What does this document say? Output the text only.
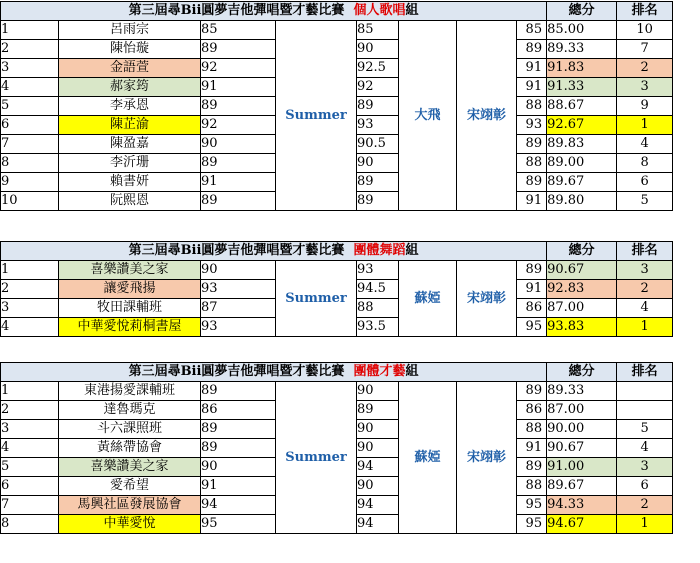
第三屆尋Bii圓夢吉他彈唱暨才藝比賽 個人歌唱組								總分	排名
1	呂雨宗	85	Summer	85	大飛	宋翊彰	85	85.00	10
2	陳怡璇	89		90			89	89.33	7
3	金語萱	92		92.5			91	91.83	2
4	郝家筠	91		92			91	91.33	3
5	李承恩	89		89			88	88.67	9
6	陳芷渝	92		93			93	92.67	1
7	陳盈嘉	90		90.5			89	89.83	4
8	李沂珊	89		90			88	89.00	8
9	賴書妍	91		89			89	89.67	6
10	阮熙恩	89		89			91	89.80	5
第三屆尋Bii圓夢吉他彈唱暨才藝比賽 團體舞蹈組								總分	排名
1	喜樂讚美之家	90	Summer	93	蘇婭	宋翊彰	89	90.67	3
2	讓愛飛揚	93		94.5			91	92.83	2
3	牧田課輔班	87		88			86	87.00	4
4	中華愛悅莉桐書屋	93		93.5			95	93.83	1
第三屆尋Bii圓夢吉他彈唱暨才藝比賽 團體才藝組								總分	排名
1	東港揚愛課輔班	89	Summer	90	蘇婭	宋翊彰	89	89.33	
2	達魯瑪克	86		89			86	87.00	
3	斗六課照班	89		90			88	90.00	5
4	黃絲帶協會	89		90			91	90.67	4
5	喜樂讚美之家	90		94			89	91.00	3
6	愛希望	91		90			88	89.67	6
7	馬興社區發展協會	94		94			95	94.33	2
8	中華愛悅	95		94			95	94.67	1
